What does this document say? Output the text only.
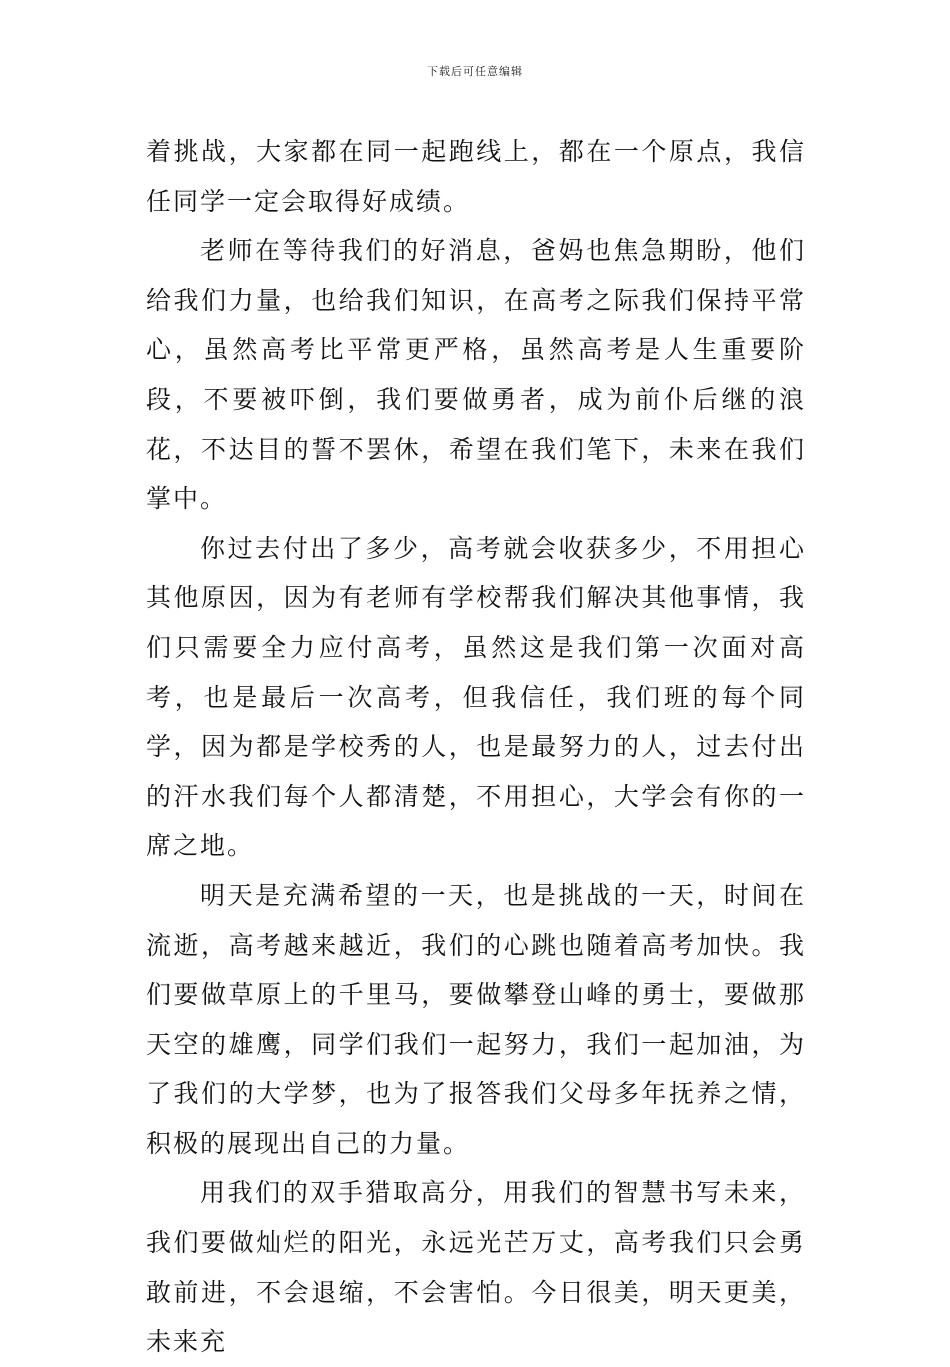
下载后可任意编辑

着挑战，大家都在同一起跑线上，都在一个原点，我信任同学一定会取得好成绩。

老师在等待我们的好消息，爸妈也焦急期盼，他们给我们力量，也给我们知识，在高考之际我们保持平常心，虽然高考比平常更严格，虽然高考是人生重要阶段，不要被吓倒，我们要做勇者，成为前仆后继的浪花，不达目的誓不罢休，希望在我们笔下，未来在我们掌中。

你过去付出了多少，高考就会收获多少，不用担心其他原因，因为有老师有学校帮我们解决其他事情，我们只需要全力应付高考，虽然这是我们第一次面对高考，也是最后一次高考，但我信任，我们班的每个同学，因为都是学校秀的人，也是最努力的人，过去付出的汗水我们每个人都清楚，不用担心，大学会有你的一席之地。

明天是充满希望的一天，也是挑战的一天，时间在流逝，高考越来越近，我们的心跳也随着高考加快。我们要做草原上的千里马，要做攀登山峰的勇士，要做那天空的雄鹰，同学们我们一起努力，我们一起加油，为了我们的大学梦，也为了报答我们父母多年抚养之情，积极的展现出自己的力量。

用我们的双手猎取高分，用我们的智慧书写未来，我们要做灿烂的阳光，永远光芒万丈，高考我们只会勇敢前进，不会退缩，不会害怕。今日很美，明天更美，未来充
